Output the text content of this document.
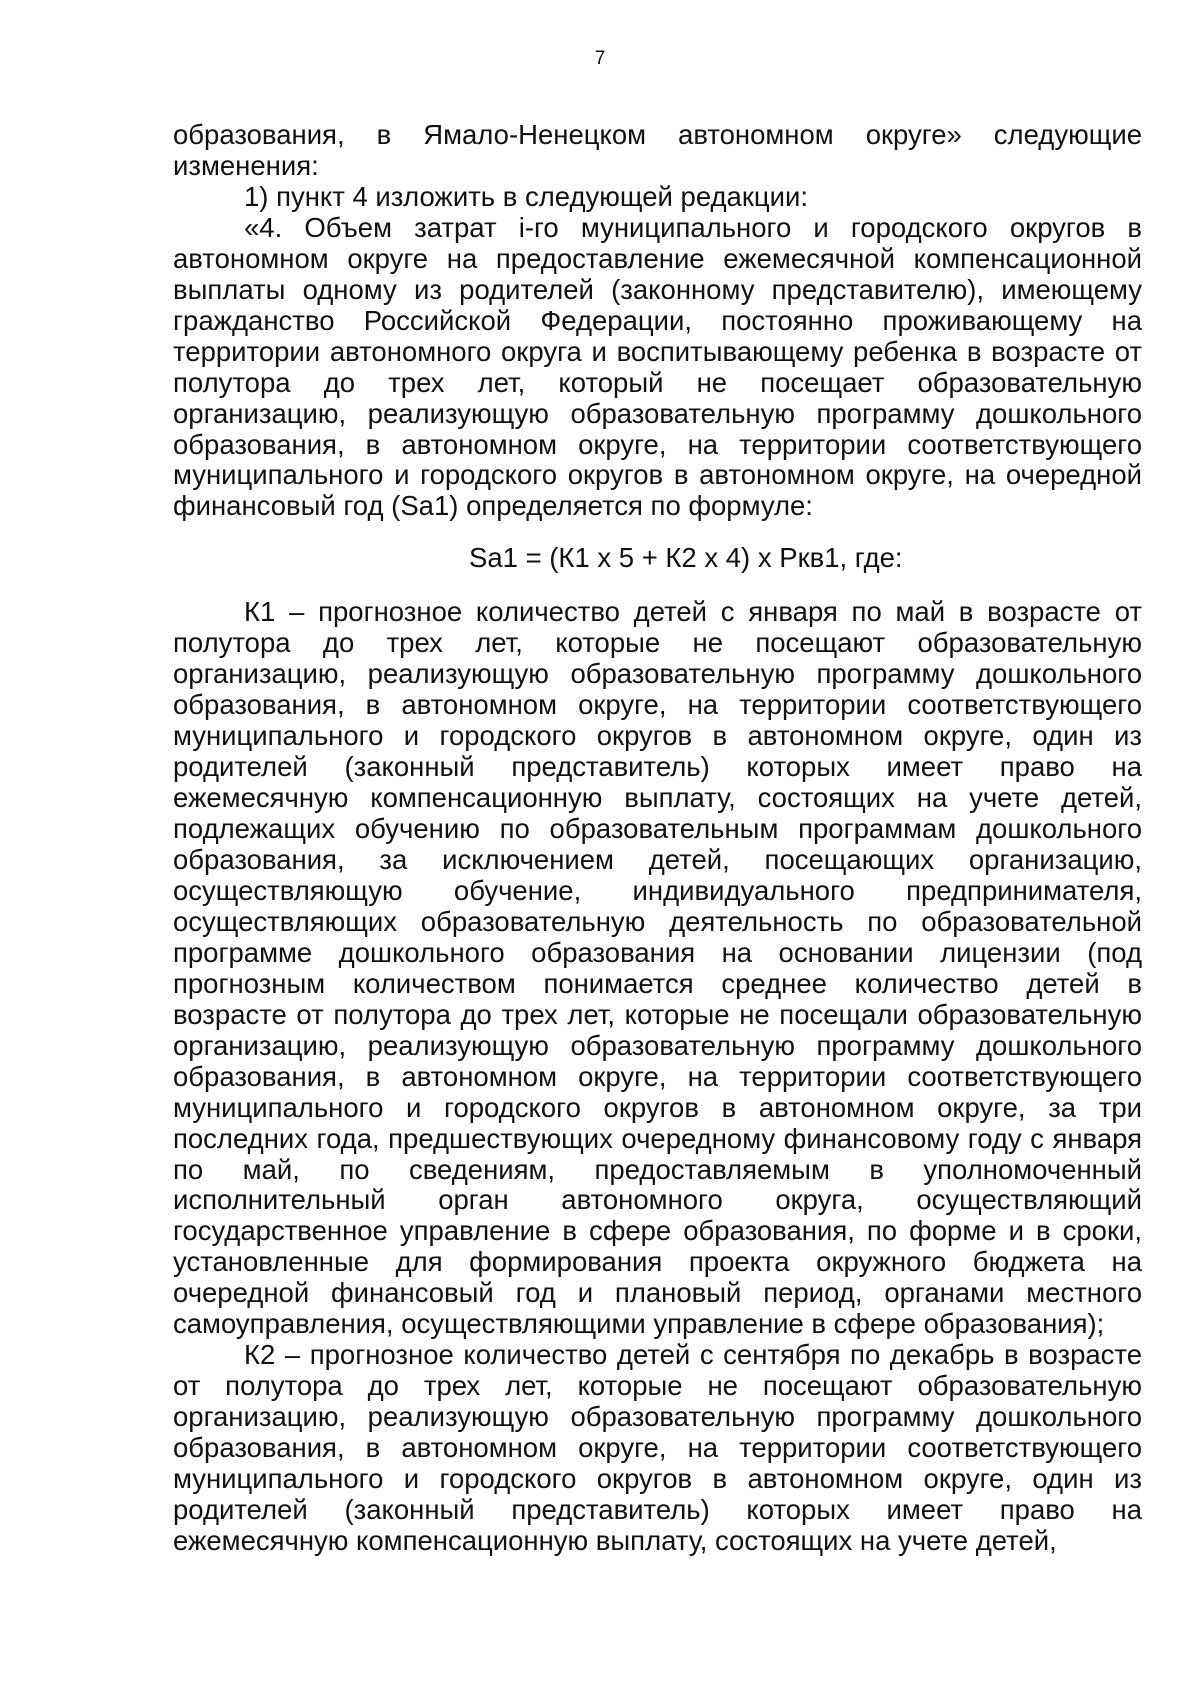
7

образования, в Ямало-Ненецком автономном округе» следующие изменения:

1) пункт 4 изложить в следующей редакции:

«4. Объем затрат i-го муниципального и городского округов в автономном округе на предоставление ежемесячной компенсационной выплаты одному из родителей (законному представителю), имеющему гражданство Российской Федерации, постоянно проживающему на территории автономного округа и воспитывающему ребенка в возрасте от полутора до трех лет, который не посещает образовательную организацию, реализующую образовательную программу дошкольного образования, в автономном округе, на территории соответствующего муниципального и городского округов в автономном округе, на очередной финансовый год (Sa1) определяется по формуле:

Sa1 = (К1 х 5 + К2 х 4) х Ркв1, где:

К1 – прогнозное количество детей с января по май в возрасте от полутора до трех лет, которые не посещают образовательную организацию, реализующую образовательную программу дошкольного образования, в автономном округе, на территории соответствующего муниципального и городского округов в автономном округе, один из родителей (законный представитель) которых имеет право на ежемесячную компенсационную выплату, состоящих на учете детей, подлежащих обучению по образовательным программам дошкольного образования, за исключением детей, посещающих организацию, осуществляющую обучение, индивидуального предпринимателя, осуществляющих образовательную деятельность по образовательной программе дошкольного образования на основании лицензии (под прогнозным количеством понимается среднее количество детей в возрасте от полутора до трех лет, которые не посещали образовательную организацию, реализующую образовательную программу дошкольного образования, в автономном округе, на территории соответствующего муниципального и городского округов в автономном округе, за три последних года, предшествующих очередному финансовому году с января по май, по сведениям, предоставляемым в уполномоченный исполнительный орган автономного округа, осуществляющий государственное управление в сфере образования, по форме и в сроки, установленные для формирования проекта окружного бюджета на очередной финансовый год и плановый период, органами местного самоуправления, осуществляющими управление в сфере образования);

К2 – прогнозное количество детей с сентября по декабрь в возрасте от полутора до трех лет, которые не посещают образовательную организацию, реализующую образовательную программу дошкольного образования, в автономном округе, на территории соответствующего муниципального и городского округов в автономном округе, один из родителей (законный представитель) которых имеет право на ежемесячную компенсационную выплату, состоящих на учете детей,
